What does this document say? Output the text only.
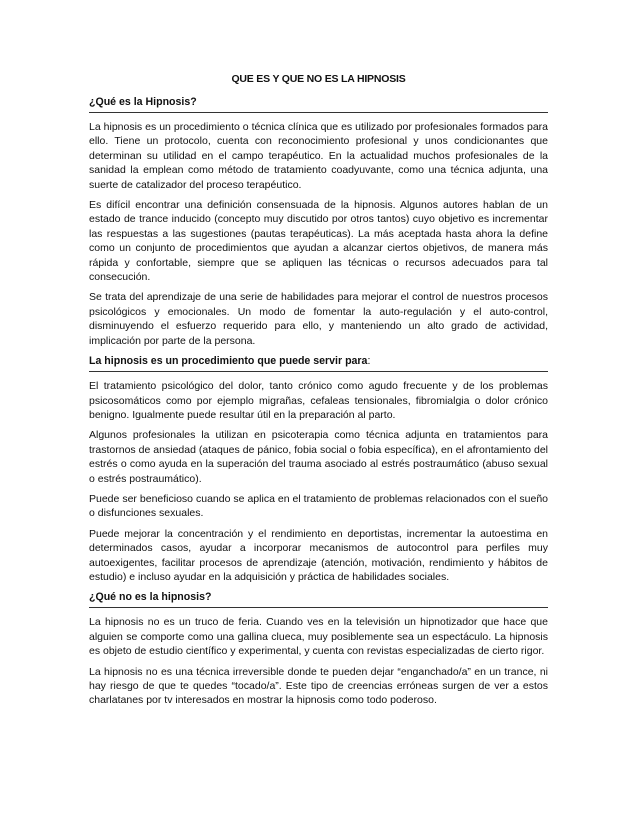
QUE ES Y QUE NO ES LA HIPNOSIS
¿Qué es la Hipnosis?

La hipnosis es un procedimiento o técnica clínica que es utilizado por profesionales formados para ello. Tiene un protocolo, cuenta con reconocimiento profesional y unos condicionantes que determinan su utilidad en el campo terapéutico. En la actualidad muchos profesionales de la sanidad la emplean como método de tratamiento coadyuvante, como una técnica adjunta, una suerte de catalizador del proceso terapéutico.

Es difícil encontrar una definición consensuada de la hipnosis. Algunos autores hablan de un estado de trance inducido (concepto muy discutido por otros tantos) cuyo objetivo es incrementar las respuestas a las sugestiones (pautas terapéuticas). La más aceptada hasta ahora la define como un conjunto de procedimientos que ayudan a alcanzar ciertos objetivos, de manera más rápida y confortable, siempre que se apliquen las técnicas o recursos adecuados para tal consecución.

Se trata del aprendizaje de una serie de habilidades para mejorar el control de nuestros procesos psicológicos y emocionales. Un modo de fomentar la auto-regulación y el auto-control, disminuyendo el esfuerzo requerido para ello, y manteniendo un alto grado de actividad, implicación por parte de la persona.

La hipnosis es un procedimiento que puede servir para:

El tratamiento psicológico del dolor, tanto crónico como agudo frecuente y de los problemas psicosomáticos como por ejemplo migrañas, cefaleas tensionales, fibromialgia o dolor crónico benigno. Igualmente puede resultar útil en la preparación al parto.

Algunos profesionales la utilizan en psicoterapia como técnica adjunta en tratamientos para trastornos de ansiedad (ataques de pánico, fobia social o fobia específica), en el afrontamiento del estrés o como ayuda en la superación del trauma asociado al estrés postraumático (abuso sexual o estrés postraumático).

Puede ser beneficioso cuando se aplica en el tratamiento de problemas relacionados con el sueño o disfunciones sexuales.

Puede mejorar la concentración y el rendimiento en deportistas, incrementar la autoestima en determinados casos, ayudar a incorporar mecanismos de autocontrol para perfiles muy autoexigentes, facilitar procesos de aprendizaje (atención, motivación, rendimiento y hábitos de estudio) e incluso ayudar en la adquisición y práctica de habilidades sociales.

¿Qué no es la hipnosis?

La hipnosis no es un truco de feria. Cuando ves en la televisión un hipnotizador que hace que alguien se comporte como una gallina clueca, muy posiblemente sea un espectáculo. La hipnosis es objeto de estudio científico y experimental, y cuenta con revistas especializadas de cierto rigor.

La hipnosis no es una técnica irreversible donde te pueden dejar “enganchado/a” en un trance, ni hay riesgo de que te quedes “tocado/a”. Este tipo de creencias erróneas surgen de ver a estos charlatanes por tv interesados en mostrar la hipnosis como todo poderoso.
